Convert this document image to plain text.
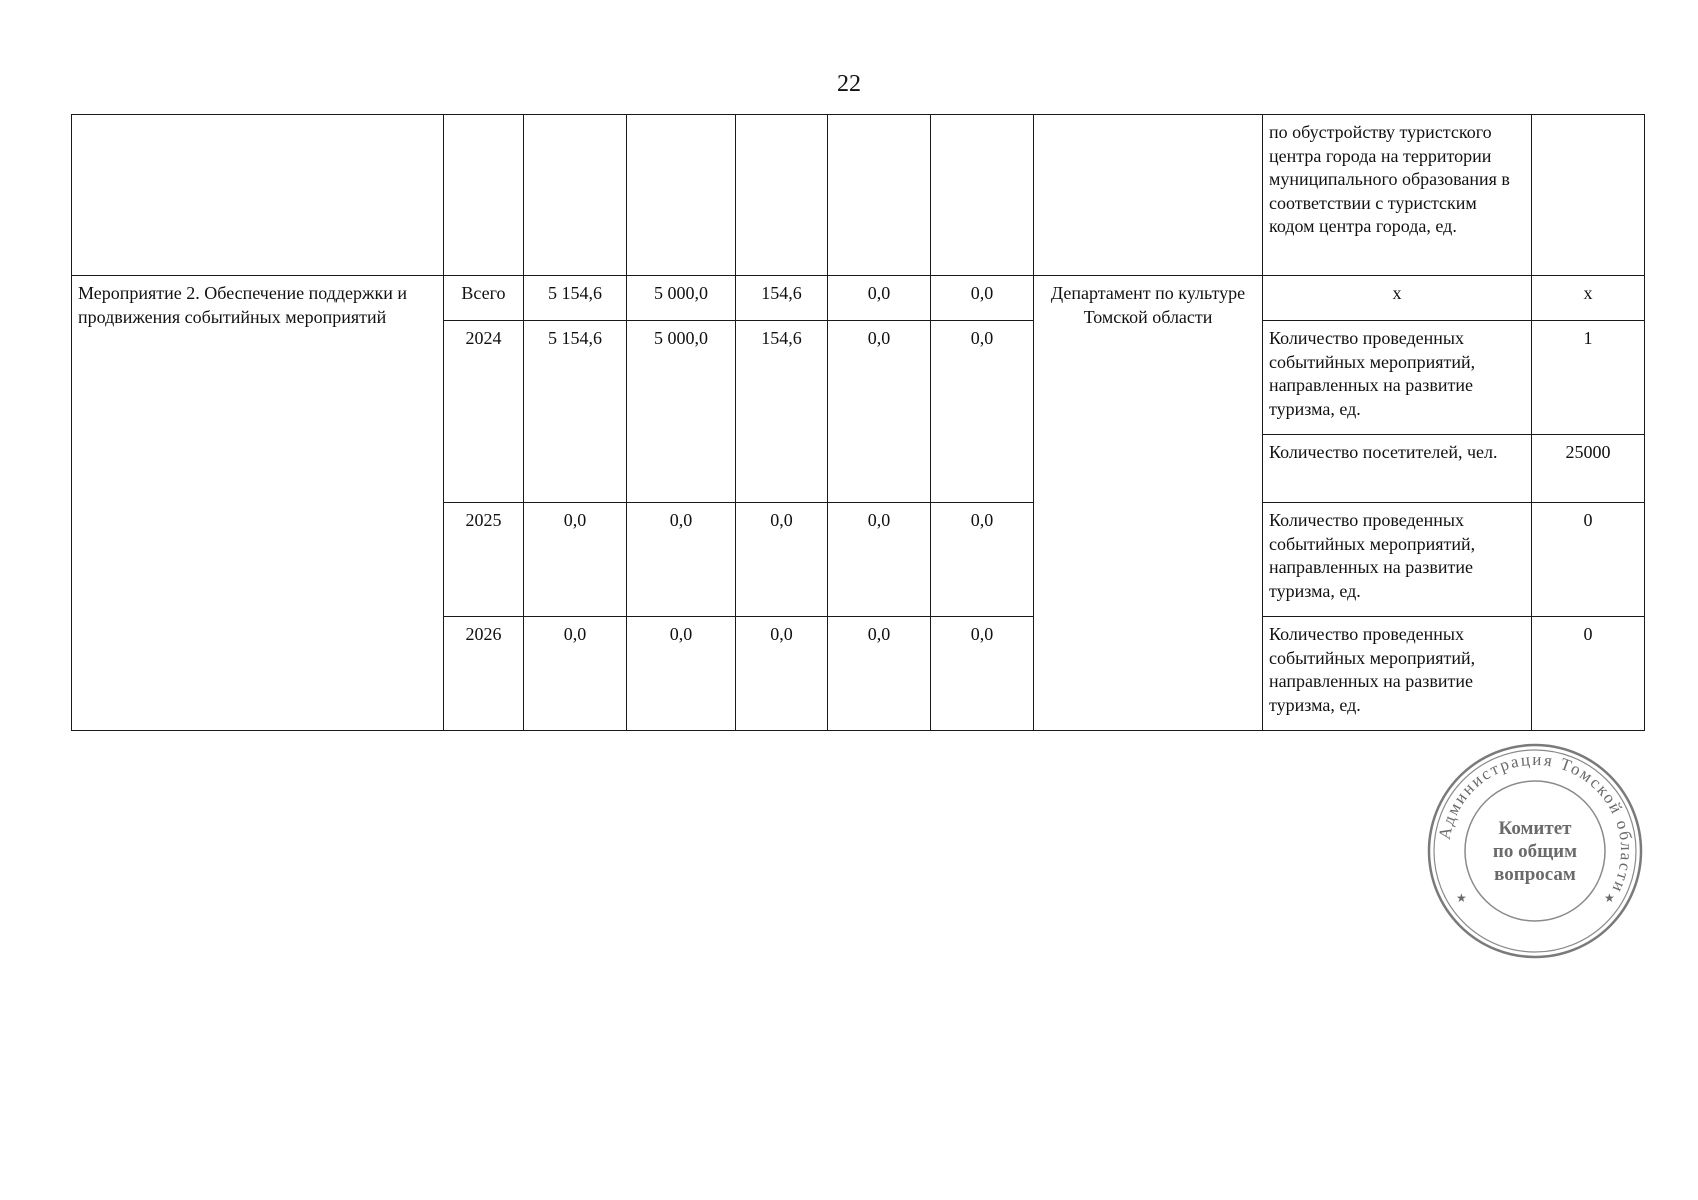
22
								по обустройству туристского центра города на территории муниципального образования в соответствии с туристским кодом центра города, ед.	
Мероприятие 2. Обеспечение поддержки и продвижения событийных мероприятий	Всего	5 154,6	5 000,0	154,6	0,0	0,0	Департамент по культуре Томской области	х	х
	2024	5 154,6	5 000,0	154,6	0,0	0,0		Количество проведенных событийных мероприятий, направленных на развитие туризма, ед.	1
								Количество посетителей, чел.	25000
	2025	0,0	0,0	0,0	0,0	0,0		Количество проведенных событийных мероприятий, направленных на развитие туризма, ед.	0
	2026	0,0	0,0	0,0	0,0	0,0		Количество проведенных событийных мероприятий, направленных на развитие туризма, ед.	0
Администрация Томской области
Комитет
по общим
вопросам
★	★
